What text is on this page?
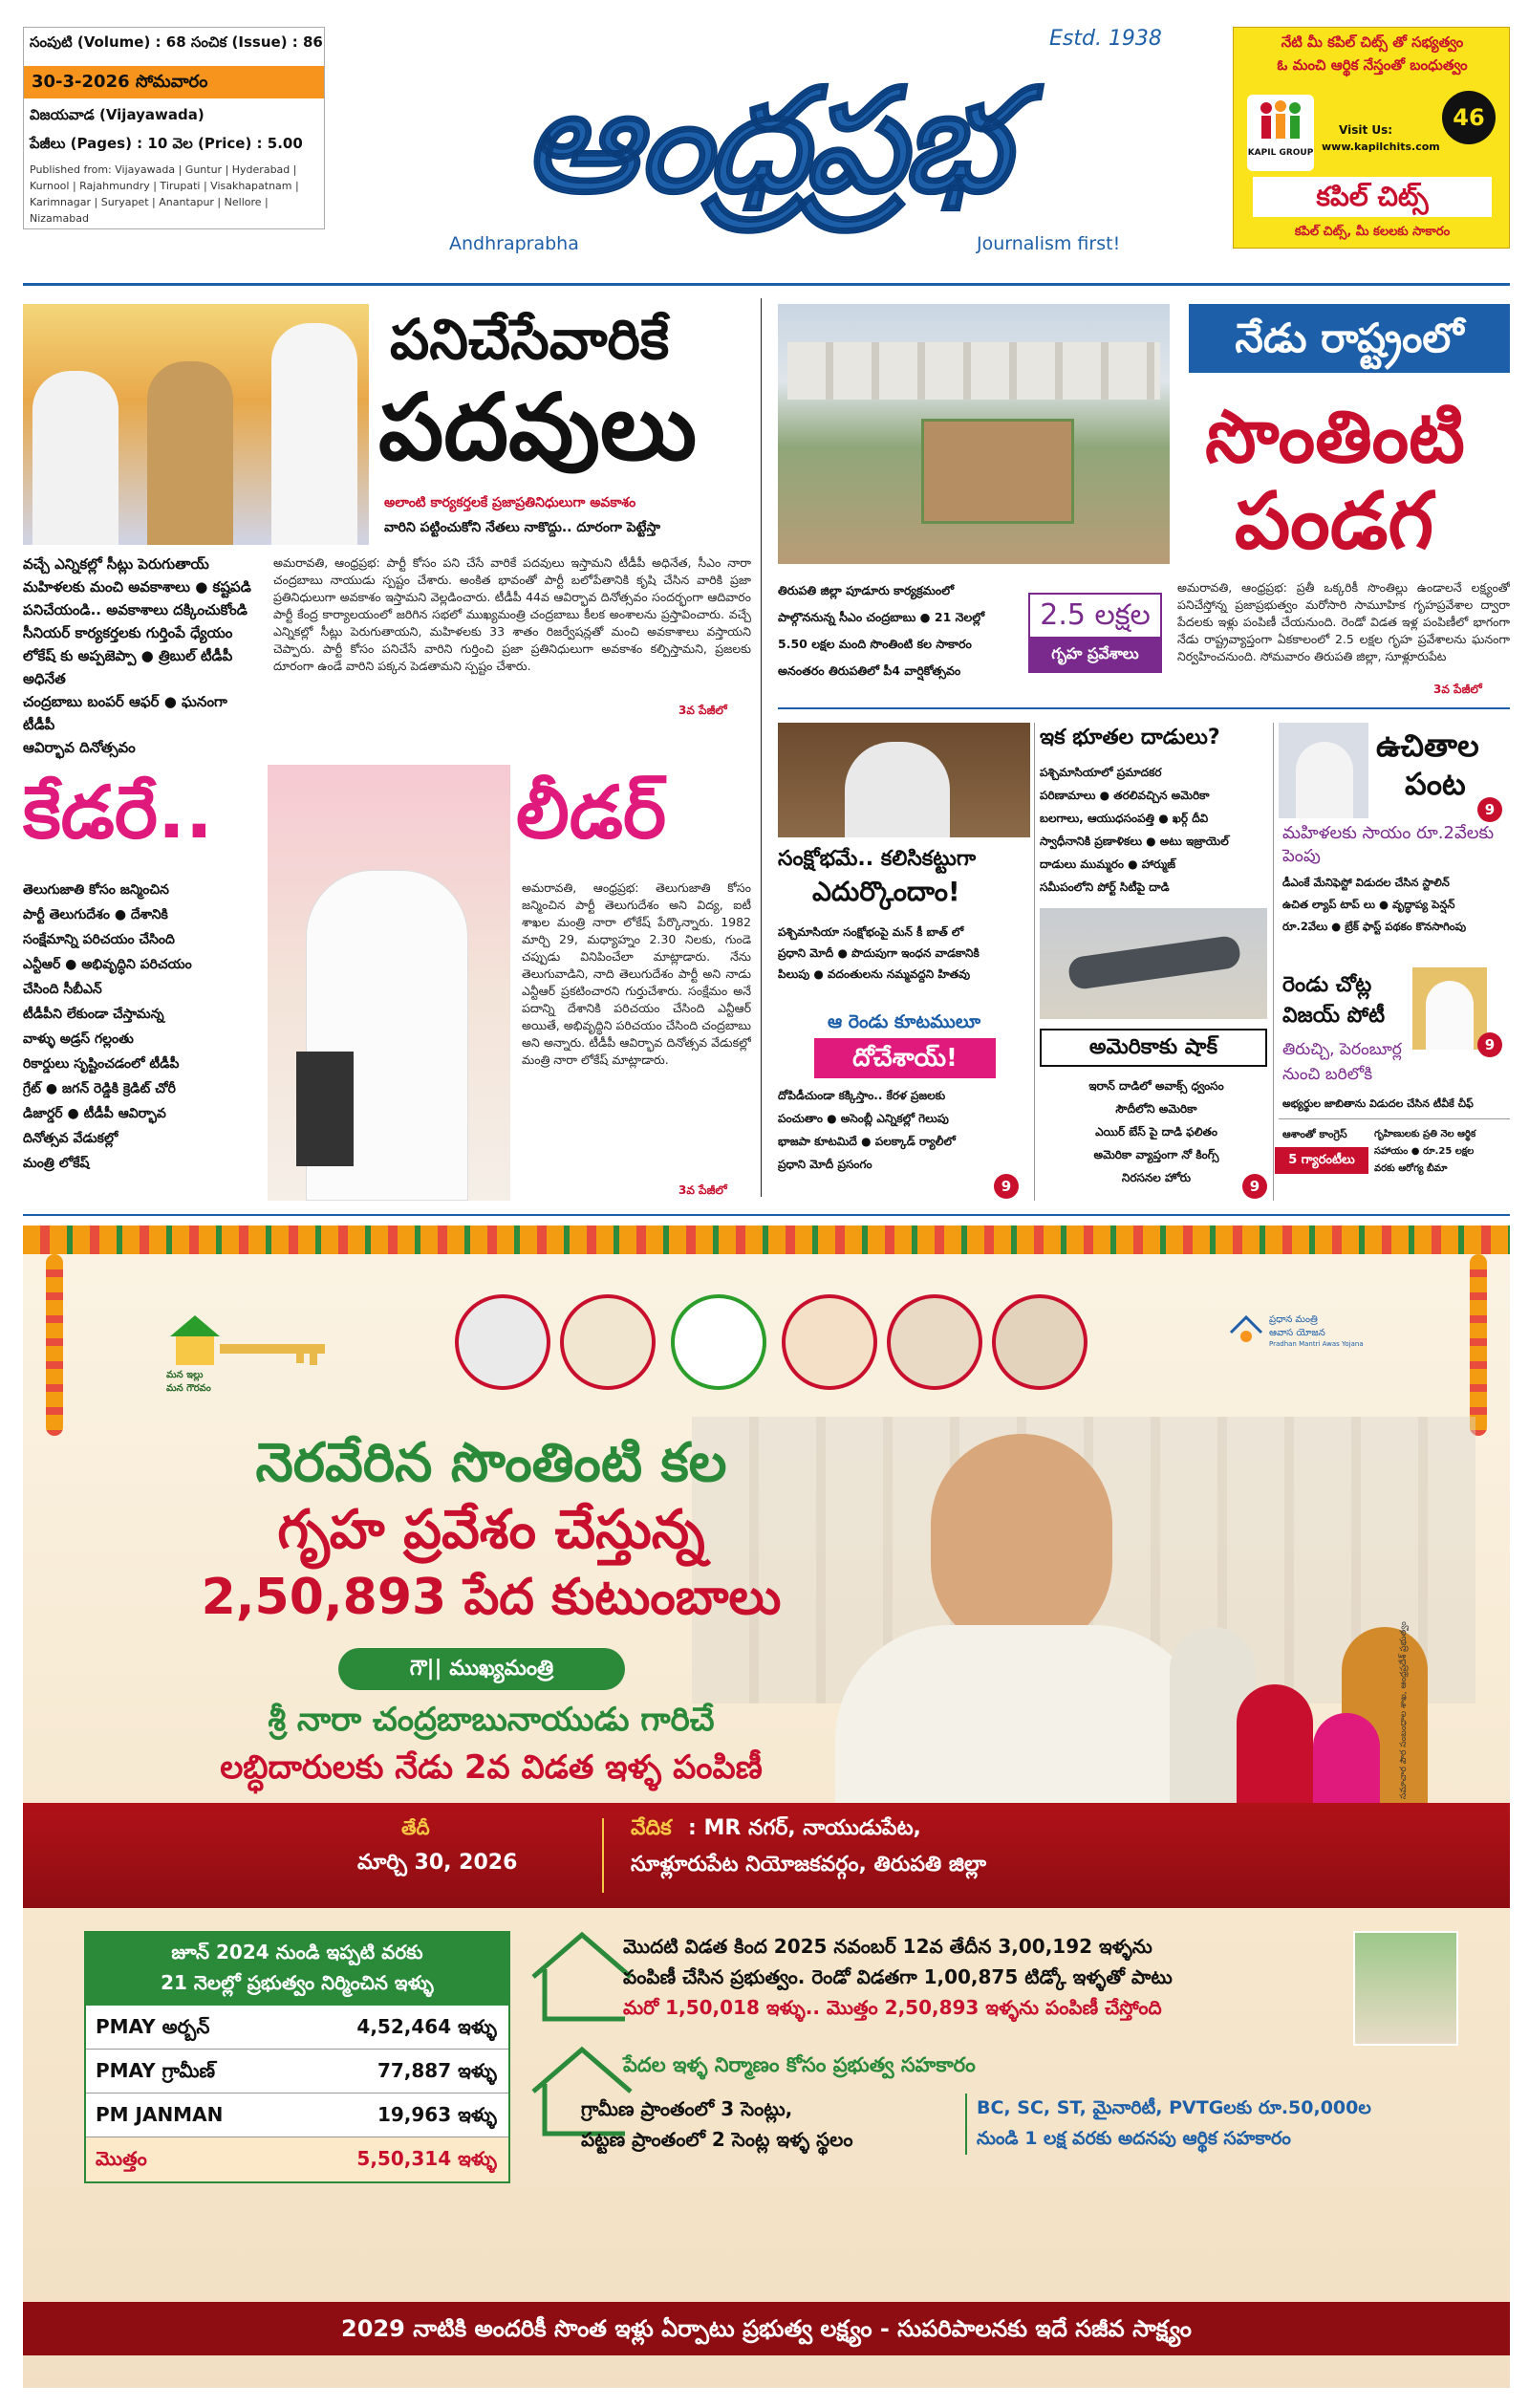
సంపుటి (Volume) : 68 సంచిక (Issue) : 86
30-3-2026 సోమవారం
విజయవాడ (Vijayawada)
పేజీలు (Pages) : 10 వెల (Price) : 5.00
Published from: Vijayawada | Guntur | Hyderabad | Kurnool | Rajahmundry | Tirupati | Visakhapatnam | Karimnagar | Suryapet | Anantapur | Nellore | Nizamabad
Estd. 1938
ఆంధ్రప్రభ
Andhraprabha	Journalism first!
నేటి మీ కపిల్ చిట్స్ తో సభ్యత్వం
ఓ మంచి ఆర్థిక నేస్తంతో బంధుత్వం
KAPIL GROUP
Visit Us:
www.kapilchits.com
46
కపిల్ చిట్స్
కపిల్ చిట్స్, మీ కలలకు సాకారం
పనిచేసేవారికే
పదవులు
అలాంటి కార్యకర్తలకే ప్రజాప్రతినిధులుగా అవకాశం
వారిని పట్టించుకోని నేతలు నాకొద్దు.. దూరంగా పెట్టేస్తా
వచ్చే ఎన్నికల్లో సీట్లు పెరుగుతాయ్
మహిళలకు మంచి అవకాశాలు ● కష్టపడి
పనిచేయండి.. అవకాశాలు దక్కించుకోండి
సీనియర్ కార్యకర్తలకు గుర్తింపే ధ్యేయం
లోకేష్ కు అప్పజెప్పా ● త్రిబుల్ టీడీపీ అధినేత
చంద్రబాబు బంపర్ ఆఫర్ ● ఘనంగా టీడీపీ
ఆవిర్భావ దినోత్సవం
అమరావతి, ఆంధ్రప్రభ: పార్టీ కోసం పని చేసే వారికే పదవులు ఇస్తామని టీడీపీ అధినేత, సీఎం నారా చంద్రబాబు నాయుడు స్పష్టం చేశారు. అంకిత భావంతో పార్టీ బలోపేతానికి కృషి చేసిన వారికి ప్రజా ప్రతినిధులుగా అవకాశం ఇస్తామని వెల్లడించారు. టీడీపీ 44వ ఆవిర్భావ దినోత్సవం సందర్భంగా ఆదివారం పార్టీ కేంద్ర కార్యాలయంలో జరిగిన సభలో ముఖ్యమంత్రి చంద్రబాబు కీలక అంశాలను ప్రస్తావించారు. వచ్చే ఎన్నికల్లో సీట్లు పెరుగుతాయని, మహిళలకు 33 శాతం రిజర్వేషన్లతో మంచి అవకాశాలు వస్తాయని చెప్పారు. పార్టీ కోసం పనిచేసే వారిని గుర్తించి ప్రజా ప్రతినిధులుగా అవకాశం కల్పిస్తామని, ప్రజలకు దూరంగా ఉండే వారిని పక్కన పెడతామని స్పష్టం చేశారు.
3వ పేజీలో
నేడు రాష్ట్రంలో
సొంతింటి
పండగ
తిరుపతి జిల్లా పూడూరు కార్యక్రమంలో
పాల్గొననున్న సీఎం చంద్రబాబు ● 21 నెలల్లో
5.50 లక్షల మంది సొంతింటి కల సాకారం
అనంతరం తిరుపతిలో పీ4 వార్షికోత్సవం
2.5 లక్షల
గృహ ప్రవేశాలు
అమరావతి, ఆంధ్రప్రభ: ప్రతీ ఒక్కరికీ సొంతిల్లు ఉండాలనే లక్ష్యంతో పనిచేస్తోన్న ప్రజాప్రభుత్వం మరోసారి సామూహిక గృహప్రవేశాల ద్వారా పేదలకు ఇళ్లు పంపిణీ చేయనుంది. రెండో విడత ఇళ్ల పంపిణీలో భాగంగా నేడు రాష్ట్రవ్యాప్తంగా ఏకకాలంలో 2.5 లక్షల గృహ ప్రవేశాలను ఘనంగా నిర్వహించనుంది. సోమవారం తిరుపతి జిల్లా, సూళ్లూరుపేట
3వ పేజీలో
కేడరే..	లీడర్
తెలుగుజాతి కోసం జన్మించిన
పార్టీ తెలుగుదేశం ● దేశానికి
సంక్షేమాన్ని పరిచయం చేసింది
ఎన్టీఆర్ ● అభివృద్ధిని పరిచయం
చేసింది సీబీఎన్
టీడీపీని లేకుండా చేస్తామన్న
వాళ్ళు అడ్రస్ గల్లంతు
రికార్డులు సృష్టించడంలో టీడీపీ
గ్రేట్ ● జగన్ రెడ్డికి క్రెడిట్ చోరీ
డిజార్డర్ ● టీడీపీ ఆవిర్భావ
దినోత్సవ వేడుకల్లో
మంత్రి లోకేష్
అమరావతి, ఆంధ్రప్రభ: తెలుగుజాతి కోసం జన్మించిన పార్టీ తెలుగుదేశం అని విద్య, ఐటీ శాఖల మంత్రి నారా లోకేష్ పేర్కొన్నారు. 1982 మార్చి 29, మధ్యాహ్నం 2.30 నిలకు, గుండె చప్పుడు వినిపించేలా మాట్లాడారు. నేను తెలుగువాడిని, నాది తెలుగుదేశం పార్టీ అని నాడు ఎన్టీఆర్ ప్రకటించారని గుర్తుచేశారు. సంక్షేమం అనే పదాన్ని దేశానికి పరిచయం చేసింది ఎన్టీఆర్ అయితే, అభివృద్ధిని పరిచయం చేసింది చంద్రబాబు అని అన్నారు. టీడీపీ ఆవిర్భావ దినోత్సవ వేడుకల్లో మంత్రి నారా లోకేష్ మాట్లాడారు.
3వ పేజీలో
సంక్షోభమే.. కలిసికట్టుగా
ఎదుర్కొందాం!
పశ్చిమాసియా సంక్షోభంపై మన్ కీ బాత్ లో
ప్రధాని మోదీ ● పొదుపుగా ఇంధన వాడకానికి
పిలుపు ● వదంతులను నమ్మవద్దని హితవు
ఆ రెండు కూటములూ
దోచేశాయ్!
దోపిడీచుండా కక్కిస్తాం.. కేరళ ప్రజలకు
పంచుతాం ● అసెంబ్లీ ఎన్నికల్లో గెలుపు
భాజపా కూటమిదే ● పలక్కాడ్ ర్యాలీలో
ప్రధాని మోదీ ప్రసంగం
9
ఇక భూతల దాడులు?
పశ్చిమాసియాలో ప్రమాదకర
పరిణామాలు ● తరలివచ్చిన అమెరికా
బలగాలు, ఆయుధసంపత్తి ● ఖర్గ్ దీవి
స్వాధీనానికి ప్రణాళికలు ● అటు ఇజ్రాయెల్
దాడులు ముమ్మరం ● హార్ముజ్
సమీపంలోని పోర్ట్ సిటీపై దాడి
అమెరికాకు షాక్
ఇరాన్ దాడిలో అవాక్స్ ధ్వంసం
సౌదీలోని అమెరికా
ఎయిర్ బేస్ పై దాడి ఫలితం
అమెరికా వ్యాప్తంగా నో కింగ్స్
నిరసనల హోరు	9
ఉచితాల
పంట
9
మహిళలకు సాయం రూ.2వేలకు పెంపు
డీఎంకే మేనిఫెస్టో విడుదల చేసిన స్టాలిన్
ఉచిత ల్యాప్ టాప్ లు ● వృద్ధాప్య పెన్షన్
రూ.2వేలు ● బ్రేక్ ఫాస్ట్ పథకం కొనసాగింపు
రెండు చోట్ల
విజయ్ పోటీ
9
తిరుచ్చి, పెరంబూర్ల
నుంచి బరిలోకి
అభ్యర్థుల జాబితాను విడుదల చేసిన టీవీకే చీఫ్
ఆశాంతో కాంగ్రెస్
5 గ్యారంటీలు
గృహిణులకు ప్రతి నెల ఆర్థిక
సహాయం ● రూ.25 లక్షల
వరకు ఆరోగ్య బీమా
మన ఇల్లు
మన గౌరవం
ప్రధాన మంత్రి
ఆవాస యోజన
Pradhan Mantri Awas Yojana
నెరవేరిన సొంతింటి కల
గృహ ప్రవేశం చేస్తున్న
2,50,893 పేద కుటుంబాలు
గౌ|| ముఖ్యమంత్రి
శ్రీ నారా చంద్రబాబునాయుడు గారిచే
లబ్ధిదారులకు నేడు 2వ విడత ఇళ్ళ పంపిణీ
తేదీ
మార్చి 30, 2026
వేదిక : MR నగర్, నాయుడుపేట,
సూళ్లూరుపేట నియోజకవర్గం, తిరుపతి జిల్లా
జూన్ 2024 నుండి ఇప్పటి వరకు
21 నెలల్లో ప్రభుత్వం నిర్మించిన ఇళ్ళు
PMAY అర్బన్	4,52,464 ఇళ్ళు
PMAY గ్రామీణ్	77,887 ఇళ్ళు
PM JANMAN	19,963 ఇళ్ళు
మొత్తం	5,50,314 ఇళ్ళు
మొదటి విడత కింద 2025 నవంబర్ 12వ తేదీన 3,00,192 ఇళ్ళను
పంపిణీ చేసిన ప్రభుత్వం. రెండో విడతగా 1,00,875 టిడ్కో ఇళ్ళతో పాటు
మరో 1,50,018 ఇళ్ళు.. మొత్తం 2,50,893 ఇళ్ళను పంపిణీ చేస్తోంది
పేదల ఇళ్ళ నిర్మాణం కోసం ప్రభుత్వ సహకారం
గ్రామీణ ప్రాంతంలో 3 సెంట్లు,
పట్టణ ప్రాంతంలో 2 సెంట్ల ఇళ్ళ స్థలం
BC, SC, ST, మైనారిటీ, PVTGలకు రూ.50,000ల
నుండి 1 లక్ష వరకు అదనపు ఆర్థిక సహకారం
సమాచార పౌర సంబంధాల శాఖ, ఆంధ్రప్రదేశ్ ప్రభుత్వం
2029 నాటికి అందరికీ సొంత ఇళ్లు ఏర్పాటు ప్రభుత్వ లక్ష్యం - సుపరిపాలనకు ఇదే సజీవ సాక్ష్యం
